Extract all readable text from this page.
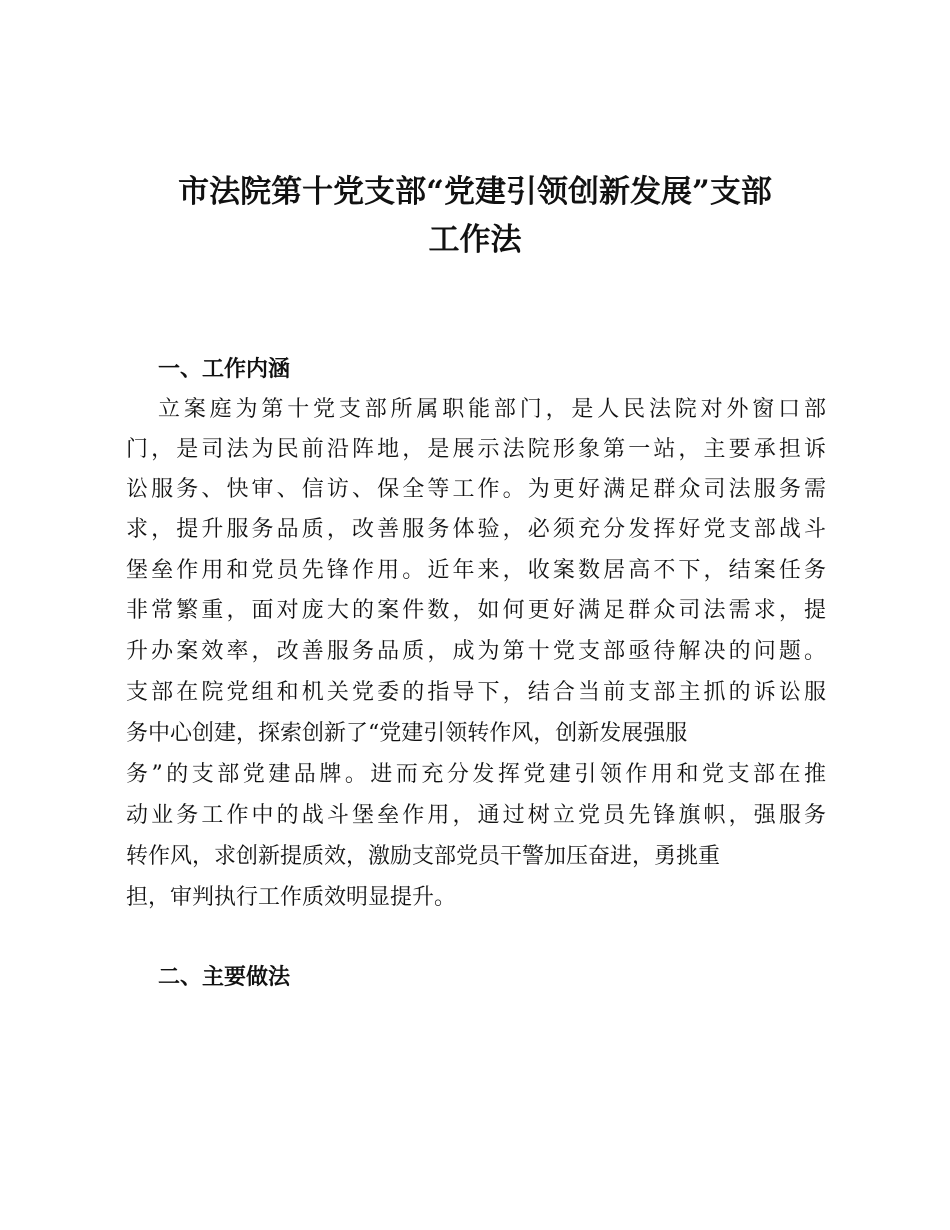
市法院第十党支部“党建引领创新发展”支部
工作法
一、工作内涵
立案庭为第十党支部所属职能部门，是人民法院对外窗口部
门，是司法为民前沿阵地，是展示法院形象第一站，主要承担诉
讼服务、快审、信访、保全等工作。为更好满足群众司法服务需
求，提升服务品质，改善服务体验，必须充分发挥好党支部战斗
堡垒作用和党员先锋作用。近年来，收案数居高不下，结案任务
非常繁重，面对庞大的案件数，如何更好满足群众司法需求，提
升办案效率，改善服务品质，成为第十党支部亟待解决的问题。
支部在院党组和机关党委的指导下，结合当前支部主抓的诉讼服
务中心创建，探索创新了“党建引领转作风，创新发展强服
务”的支部党建品牌。进而充分发挥党建引领作用和党支部在推
动业务工作中的战斗堡垒作用，通过树立党员先锋旗帜，强服务
转作风，求创新提质效，激励支部党员干警加压奋进，勇挑重
担，审判执行工作质效明显提升。
二、主要做法
